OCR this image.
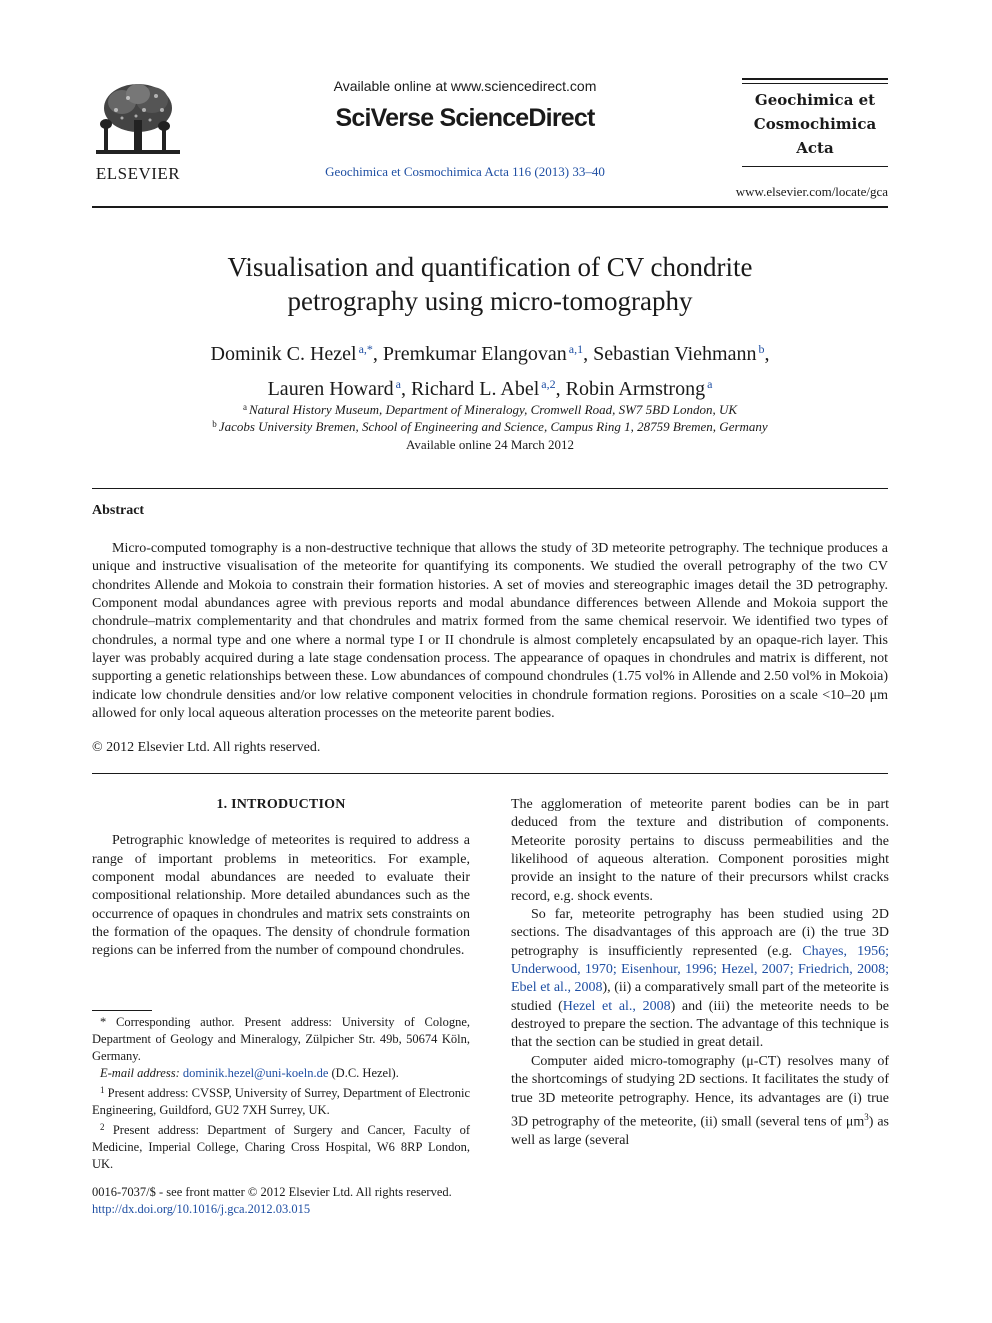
ELSEVIER
Available online at www.sciencedirect.com
SciVerse ScienceDirect
Geochimica et Cosmochimica Acta 116 (2013) 33–40
Geochimica et
Cosmochimica
Acta
www.elsevier.com/locate/gca
Visualisation and quantification of CV chondrite
petrography using micro-tomography
Dominik C. Hezel $^{a,*}$, Premkumar Elangovan $^{a,1}$, Sebastian Viehmann $^b$,
Lauren Howard $^a$, Richard L. Abel $^{a,2}$, Robin Armstrong $^a$
$^a$ Natural History Museum, Department of Mineralogy, Cromwell Road, SW7 5BD London, UK
$^b$ Jacobs University Bremen, School of Engineering and Science, Campus Ring 1, 28759 Bremen, Germany
Available online 24 March 2012
Abstract

Micro-computed tomography is a non-destructive technique that allows the study of 3D meteorite petrography. The technique produces a unique and instructive visualisation of the meteorite for quantifying its components. We studied the overall petrography of the two CV chondrites Allende and Mokoia to constrain their formation histories. A set of movies and stereographic images detail the 3D petrography. Component modal abundances agree with previous reports and modal abundance differences between Allende and Mokoia support the chondrule–matrix complementarity and that chondrules and matrix formed from the same chemical reservoir. We identified two types of chondrules, a normal type and one where a normal type I or II chondrule is almost completely encapsulated by an opaque-rich layer. This layer was probably acquired during a late stage condensation process. The appearance of opaques in chondrules and matrix is different, not supporting a genetic relationships between these. Low abundances of compound chondrules (1.75 vol% in Allende and 2.50 vol% in Mokoia) indicate low chondrule densities and/or low relative component velocities in chondrule formation regions. Porosities on a scale <10–20 μm allowed for only local aqueous alteration processes on the meteorite parent bodies.

© 2012 Elsevier Ltd. All rights reserved.
1. INTRODUCTION

Petrographic knowledge of meteorites is required to address a range of important problems in meteoritics. For example, component modal abundances are needed to evaluate their compositional relationship. More detailed abundances such as the occurrence of opaques in chondrules and matrix sets constraints on the formation of the opaques. The density of chondrule formation regions can be inferred from the number of compound chondrules.

* Corresponding author. Present address: University of Cologne, Department of Geology and Mineralogy, Zülpicher Str. 49b, 50674 Köln, Germany.

E-mail address: dominik.hezel@uni-koeln.de (D.C. Hezel).

$^1$ Present address: CVSSP, University of Surrey, Department of Electronic Engineering, Guildford, GU2 7XH Surrey, UK.

$^2$ Present address: Department of Surgery and Cancer, Faculty of Medicine, Imperial College, Charing Cross Hospital, W6 8RP London, UK.

0016-7037/$ - see front matter © 2012 Elsevier Ltd. All rights reserved.
http://dx.doi.org/10.1016/j.gca.2012.03.015

The agglomeration of meteorite parent bodies can be in part deduced from the texture and distribution of components. Meteorite porosity pertains to discuss permeabilities and the likelihood of aqueous alteration. Component porosities might provide an insight to the nature of their precursors whilst cracks record, e.g. shock events.

So far, meteorite petrography has been studied using 2D sections. The disadvantages of this approach are (i) the true 3D petrography is insufficiently represented (e.g. Chayes, 1956; Underwood, 1970; Eisenhour, 1996; Hezel, 2007; Friedrich, 2008; Ebel et al., 2008), (ii) a comparatively small part of the meteorite is studied (Hezel et al., 2008) and (iii) the meteorite needs to be destroyed to prepare the section. The advantage of this technique is that the section can be studied in great detail.

Computer aided micro-tomography (μ-CT) resolves many of the shortcomings of studying 2D sections. It facilitates the study of true 3D meteorite petrography. Hence, its advantages are (i) true 3D petrography of the meteorite, (ii) small (several tens of $\mu m^3$) as well as large (several
